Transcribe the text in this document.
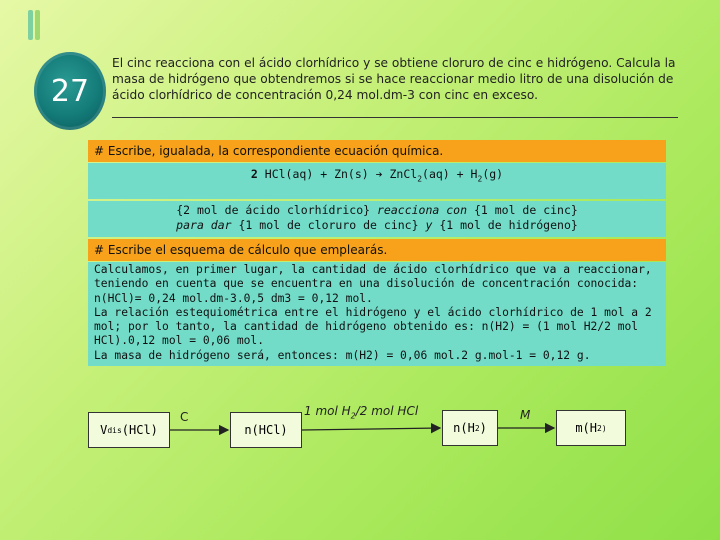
27
El cinc reacciona con el ácido clorhídrico y se obtiene cloruro de cinc e hidrógeno. Calcula la masa de hidrógeno que obtendremos si se hace reaccionar medio litro de una disolución de ácido clorhídrico de concentración 0,24 mol.dm-3 con cinc en exceso.
# Escribe, igualada, la correspondiente ecuación química.
2 HCl(aq) + Zn(s) ➔ ZnCl$_2$(aq) + $H_2(g)$
{2 mol de ácido clorhídrico} reacciona con {1 mol de cinc}
para dar {1 mol de cloruro de cinc} y {1 mol de hidrógeno}
# Escribe el esquema de cálculo que emplearás.
Calculamos, en primer lugar, la cantidad de ácido clorhídrico que va a reaccionar, teniendo en cuenta que se encuentra en una disolución de concentración conocida: n(HCl)= 0,24 mol.dm-3.0,5 dm3 = 0,12 mol.
La relación estequiométrica entre el hidrógeno y el ácido clorhídrico de 1 mol a 2 mol; por lo tanto, la cantidad de hidrógeno obtenido es: n(H2) = (1 mol H2/2 mol HCl).0,12 mol = 0,06 mol.
La masa de hidrógeno será, entonces: m(H2) = 0,06 mol.2 g.mol-1 = 0,12 g.
V dis (HCl)
C
n(HCl)
1 mol $H_2/2$ mol HCl
n(H 2 )
M
m(H 2)
